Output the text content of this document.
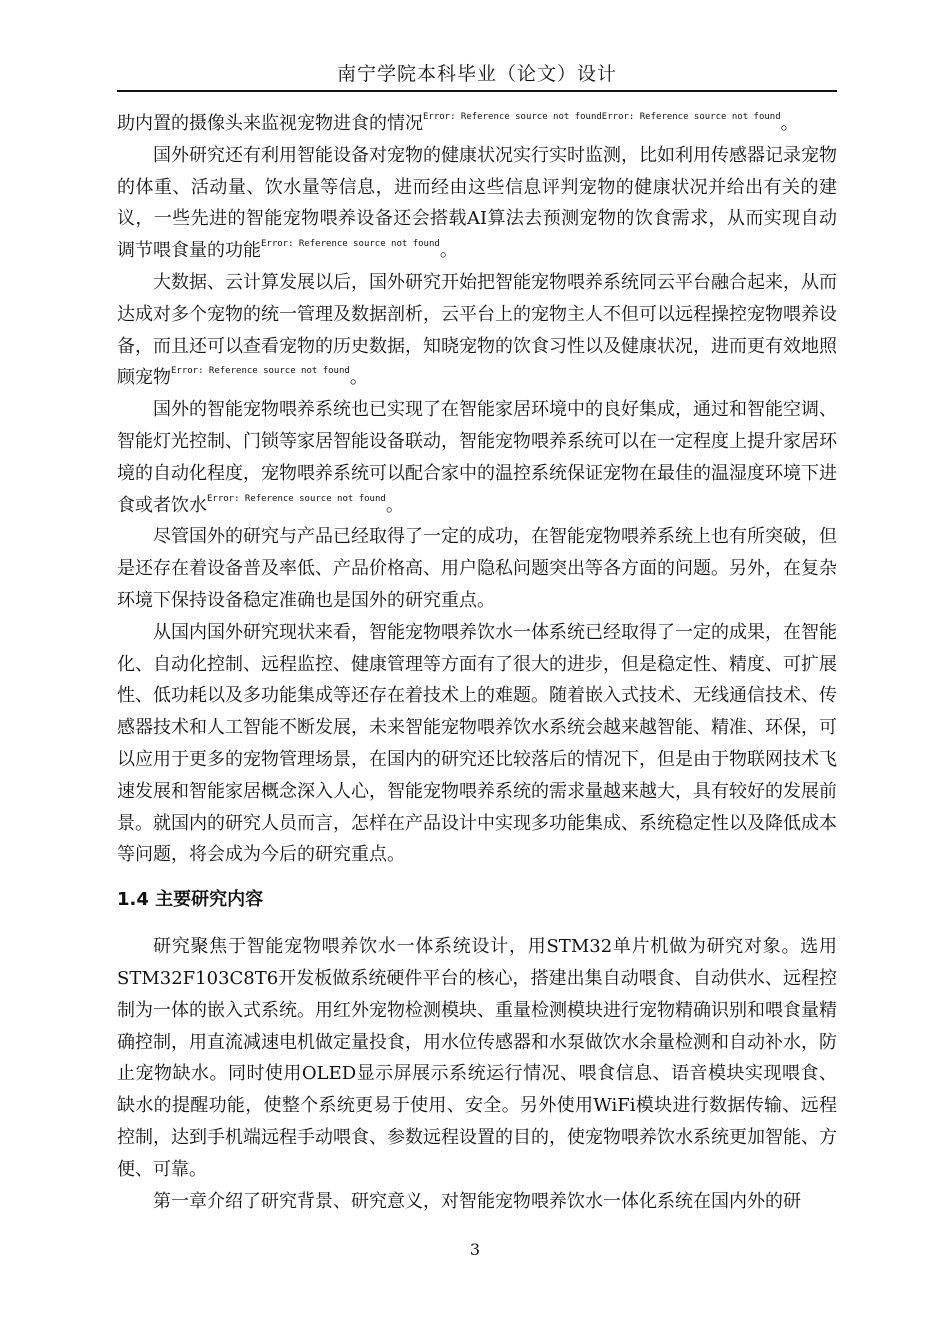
南宁学院本科毕业（论文）设计

助内置的摄像头来监视宠物进食的情况$^{Error: Reference source not foundError: Reference source not found}$。

国外研究还有利用智能设备对宠物的健康状况实行实时监测，比如利用传感器记录宠物的体重、活动量、饮水量等信息，进而经由这些信息评判宠物的健康状况并给出有关的建议，一些先进的智能宠物喂养设备还会搭载AI算法去预测宠物的饮食需求，从而实现自动调节喂食量的功能$^{Error: Reference source not found}$。

大数据、云计算发展以后，国外研究开始把智能宠物喂养系统同云平台融合起来，从而达成对多个宠物的统一管理及数据剖析，云平台上的宠物主人不但可以远程操控宠物喂养设备，而且还可以查看宠物的历史数据，知晓宠物的饮食习性以及健康状况，进而更有效地照顾宠物$^{Error: Reference source not found}$。

国外的智能宠物喂养系统也已实现了在智能家居环境中的良好集成，通过和智能空调、智能灯光控制、门锁等家居智能设备联动，智能宠物喂养系统可以在一定程度上提升家居环境的自动化程度，宠物喂养系统可以配合家中的温控系统保证宠物在最佳的温湿度环境下进食或者饮水$^{Error: Reference source not found}$。

尽管国外的研究与产品已经取得了一定的成功，在智能宠物喂养系统上也有所突破，但是还存在着设备普及率低、产品价格高、用户隐私问题突出等各方面的问题。另外，在复杂环境下保持设备稳定准确也是国外的研究重点。

从国内国外研究现状来看，智能宠物喂养饮水一体系统已经取得了一定的成果，在智能化、自动化控制、远程监控、健康管理等方面有了很大的进步，但是稳定性、精度、可扩展性、低功耗以及多功能集成等还存在着技术上的难题。随着嵌入式技术、无线通信技术、传感器技术和人工智能不断发展，未来智能宠物喂养饮水系统会越来越智能、精准、环保，可以应用于更多的宠物管理场景，在国内的研究还比较落后的情况下，但是由于物联网技术飞速发展和智能家居概念深入人心，智能宠物喂养系统的需求量越来越大，具有较好的发展前景。就国内的研究人员而言，怎样在产品设计中实现多功能集成、系统稳定性以及降低成本等问题，将会成为今后的研究重点。

1.4 主要研究内容

研究聚焦于智能宠物喂养饮水一体系统设计，用STM32单片机做为研究对象。选用STM32F103C8T6开发板做系统硬件平台的核心，搭建出集自动喂食、自动供水、远程控制为一体的嵌入式系统。用红外宠物检测模块、重量检测模块进行宠物精确识别和喂食量精确控制，用直流减速电机做定量投食，用水位传感器和水泵做饮水余量检测和自动补水，防止宠物缺水。同时使用OLED显示屏展示系统运行情况、喂食信息、语音模块实现喂食、缺水的提醒功能，使整个系统更易于使用、安全。另外使用WiFi模块进行数据传输、远程控制，达到手机端远程手动喂食、参数远程设置的目的，使宠物喂养饮水系统更加智能、方便、可靠。

第一章介绍了研究背景、研究意义，对智能宠物喂养饮水一体化系统在国内外的研

3
